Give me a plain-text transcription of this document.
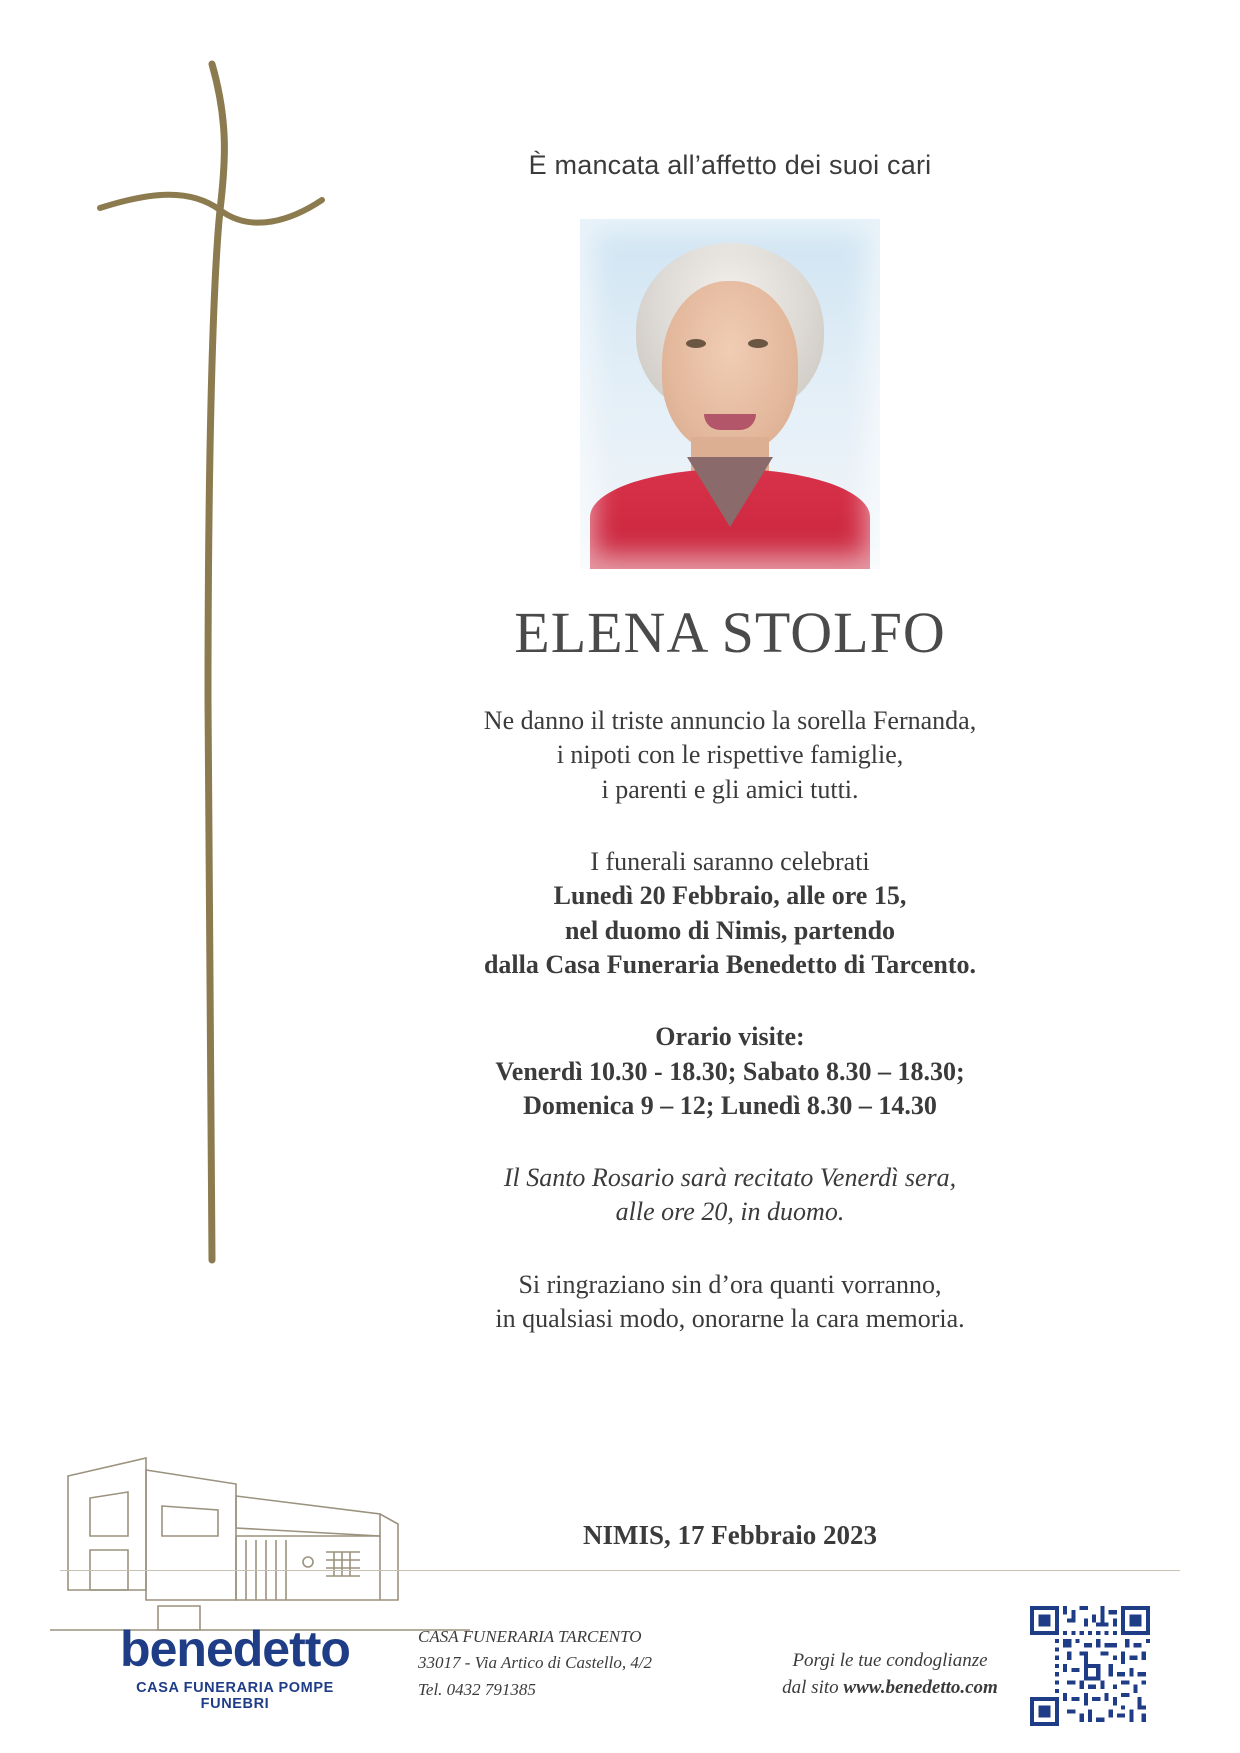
È mancata all’affetto dei suoi cari
ELENA STOLFO

Ne danno il triste annuncio la sorella Fernanda,

i nipoti con le rispettive famiglie,

i parenti e gli amici tutti.

I funerali saranno celebrati

Lunedì 20 Febbraio, alle ore 15,

nel duomo di Nimis, partendo

dalla Casa Funeraria Benedetto di Tarcento.

Orario visite:

Venerdì 10.30 - 18.30; Sabato 8.30 – 18.30;

Domenica 9 – 12; Lunedì 8.30 – 14.30

Il Santo Rosario sarà recitato Venerdì sera,

alle ore 20, in duomo.

Si ringraziano sin d’ora quanti vorranno,

in qualsiasi modo, onorarne la cara memoria.

NIMIS, 17 Febbraio 2023
benedetto
CASA FUNERARIA POMPE FUNEBRI
CASA FUNERARIA TARCENTO
33017 - Via Artico di Castello, 4/2
Tel. 0432 791385
Porgi le tue condoglianze
dal sito www.benedetto.com
